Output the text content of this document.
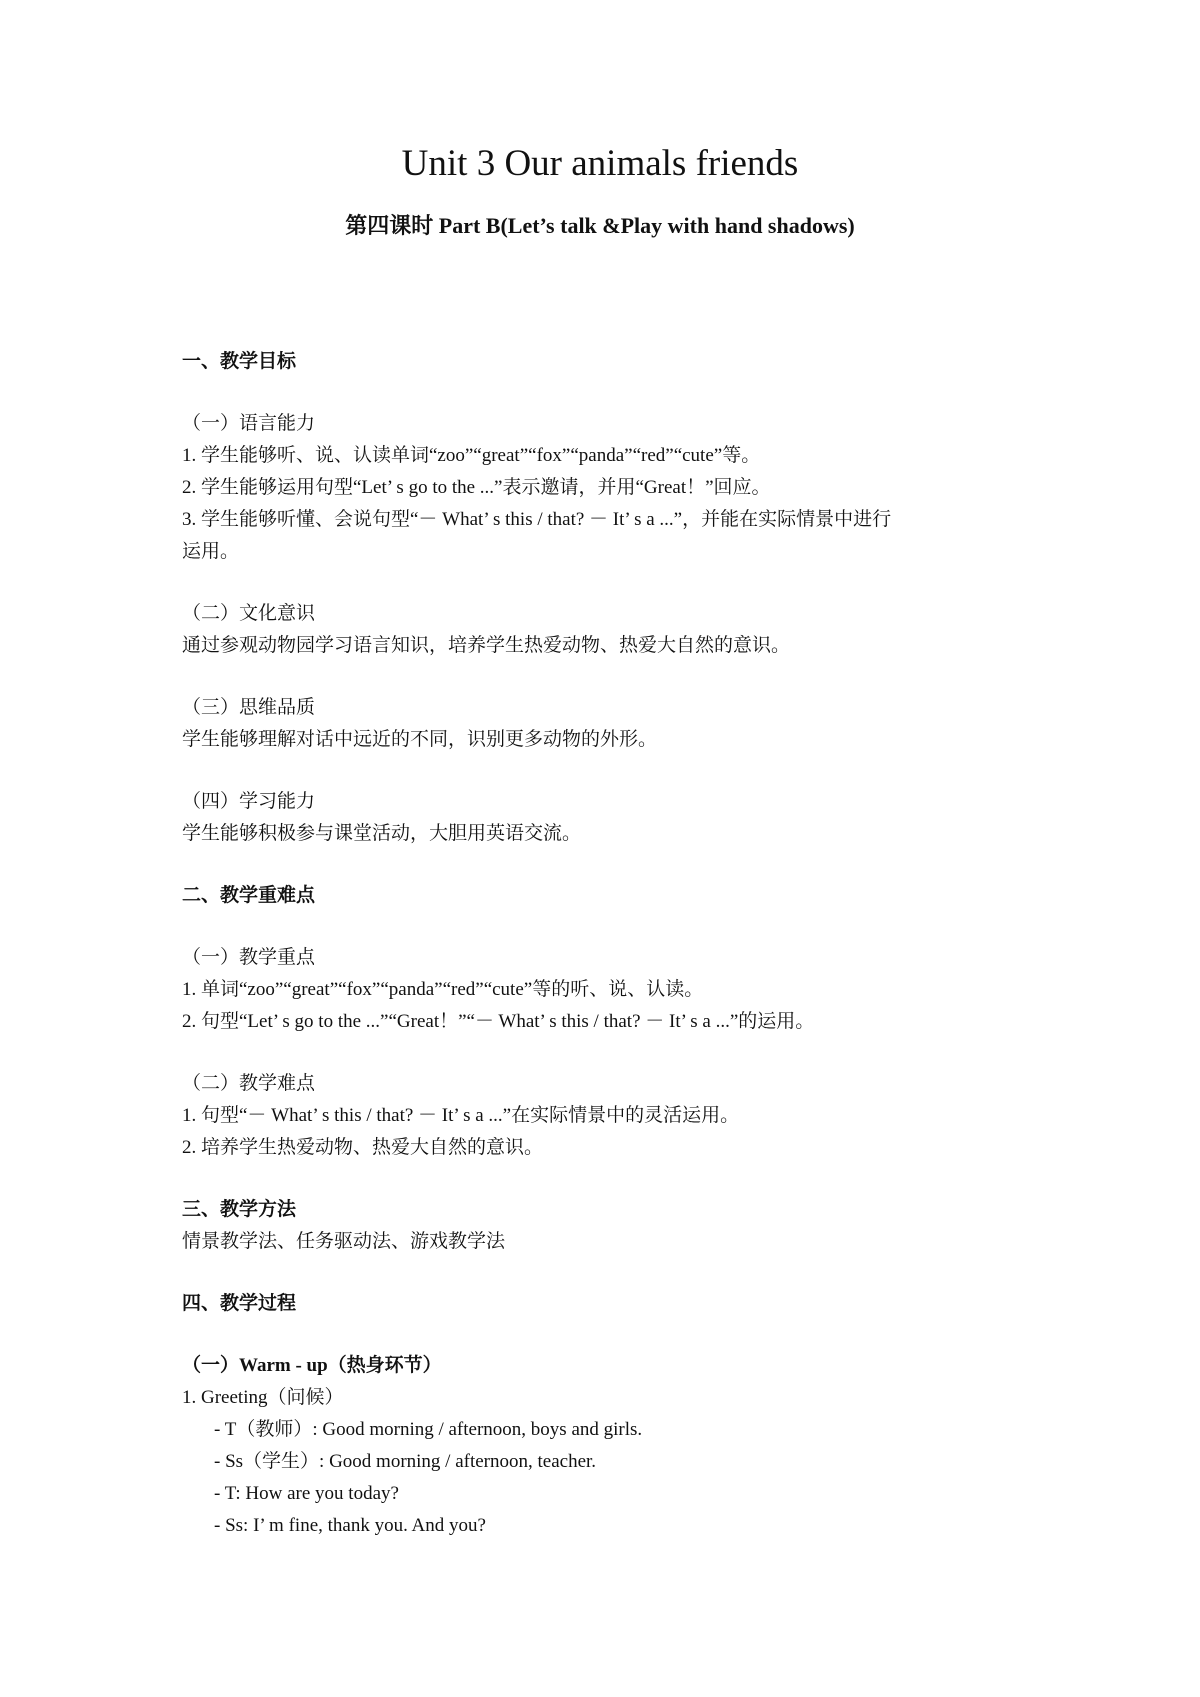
Unit 3 Our animals friends
第四课时 Part B(Let’s talk &Play with hand shadows)
一、教学目标
（一）语言能力
1. 学生能够听、说、认读单词“zoo”“great”“fox”“panda”“red”“cute”等。
2. 学生能够运用句型“Let’ s go to the ...”表示邀请，并用“Great！”回应。
3. 学生能够听懂、会说句型“－ What’ s this / that? － It’ s a ...”，并能在实际情景中进行
运用。
（二）文化意识
通过参观动物园学习语言知识，培养学生热爱动物、热爱大自然的意识。
（三）思维品质
学生能够理解对话中远近的不同，识别更多动物的外形。
（四）学习能力
学生能够积极参与课堂活动，大胆用英语交流。
二、教学重难点
（一）教学重点
1. 单词“zoo”“great”“fox”“panda”“red”“cute”等的听、说、认读。
2. 句型“Let’ s go to the ...”“Great！”“－ What’ s this / that? － It’ s a ...”的运用。
（二）教学难点
1. 句型“－ What’ s this / that? － It’ s a ...”在实际情景中的灵活运用。
2. 培养学生热爱动物、热爱大自然的意识。
三、教学方法
情景教学法、任务驱动法、游戏教学法
四、教学过程
（一）Warm - up（热身环节）
1. Greeting（问候）
- T（教师）: Good morning / afternoon, boys and girls.
- Ss（学生）: Good morning / afternoon, teacher.
- T: How are you today?
- Ss: I’ m fine, thank you. And you?
